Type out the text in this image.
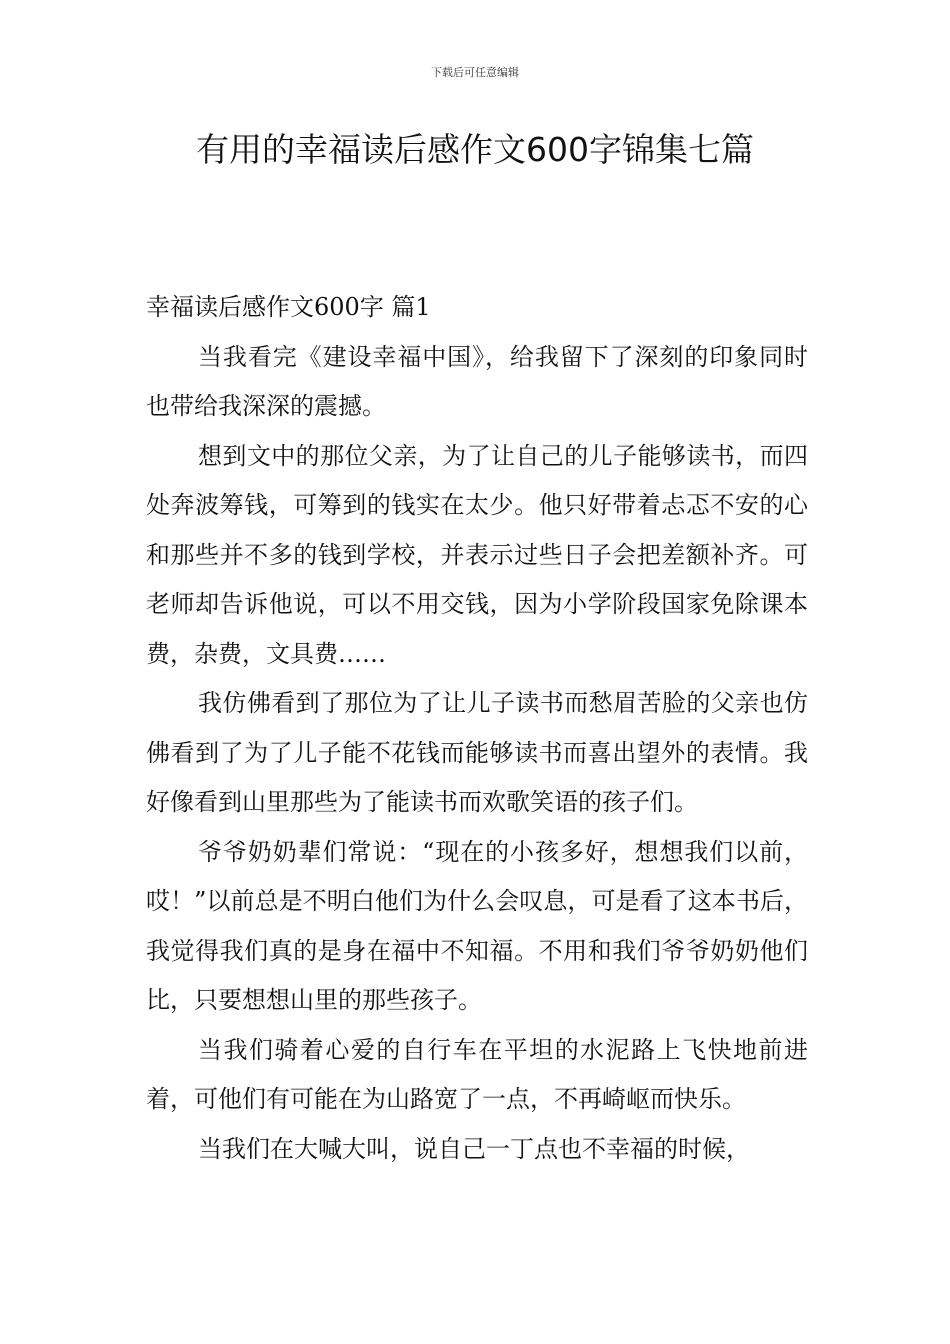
下载后可任意编辑
有用的幸福读后感作文600字锦集七篇

幸福读后感作文600字 篇1

当我看完《建设幸福中国》，给我留下了深刻的印象同时也带给我深深的震撼。

想到文中的那位父亲，为了让自己的儿子能够读书，而四处奔波筹钱，可筹到的钱实在太少。他只好带着忐忑不安的心和那些并不多的钱到学校，并表示过些日子会把差额补齐。可老师却告诉他说，可以不用交钱，因为小学阶段国家免除课本费，杂费，文具费……

我仿佛看到了那位为了让儿子读书而愁眉苦脸的父亲也仿佛看到了为了儿子能不花钱而能够读书而喜出望外的表情。我好像看到山里那些为了能读书而欢歌笑语的孩子们。

爷爷奶奶辈们常说：“现在的小孩多好，想想我们以前，哎！”以前总是不明白他们为什么会叹息，可是看了这本书后，我觉得我们真的是身在福中不知福。不用和我们爷爷奶奶他们比，只要想想山里的那些孩子。

当我们骑着心爱的自行车在平坦的水泥路上飞快地前进着，可他们有可能在为山路宽了一点，不再崎岖而快乐。

当我们在大喊大叫，说自己一丁点也不幸福的时候，
